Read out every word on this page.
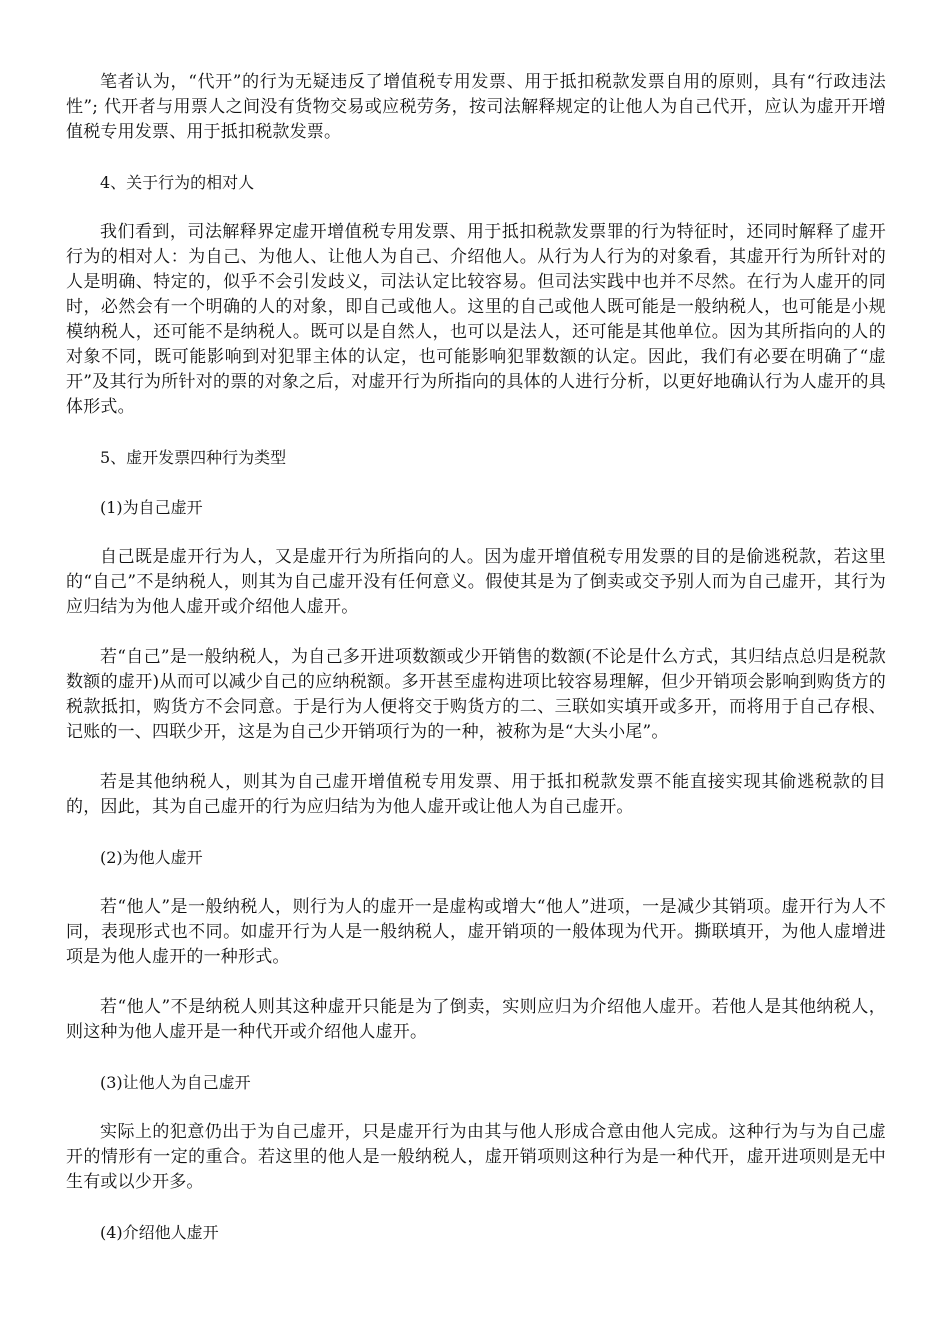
笔者认为，“代开”的行为无疑违反了增值税专用发票、用于抵扣税款发票自用的原则，具有“行政违法性”; 代开者与用票人之间没有货物交易或应税劳务，按司法解释规定的让他人为自己代开，应认为虚开开增值税专用发票、用于抵扣税款发票。

4、关于行为的相对人

我们看到，司法解释界定虚开增值税专用发票、用于抵扣税款发票罪的行为特征时，还同时解释了虚开行为的相对人：为自己、为他人、让他人为自己、介绍他人。从行为人行为的对象看，其虚开行为所针对的人是明确、特定的，似乎不会引发歧义，司法认定比较容易。但司法实践中也并不尽然。在行为人虚开的同时，必然会有一个明确的人的对象，即自己或他人。这里的自己或他人既可能是一般纳税人，也可能是小规模纳税人，还可能不是纳税人。既可以是自然人，也可以是法人，还可能是其他单位。因为其所指向的人的对象不同，既可能影响到对犯罪主体的认定，也可能影响犯罪数额的认定。因此，我们有必要在明确了“虚开”及其行为所针对的票的对象之后，对虚开行为所指向的具体的人进行分析，以更好地确认行为人虚开的具体形式。

5、虚开发票四种行为类型

(1)为自己虚开

自己既是虚开行为人，又是虚开行为所指向的人。因为虚开增值税专用发票的目的是偷逃税款，若这里的“自己”不是纳税人，则其为自己虚开没有任何意义。假使其是为了倒卖或交予别人而为自己虚开，其行为应归结为为他人虚开或介绍他人虚开。

若“自己”是一般纳税人，为自己多开进项数额或少开销售的数额(不论是什么方式，其归结点总归是税款数额的虚开)从而可以减少自己的应纳税额。多开甚至虚构进项比较容易理解，但少开销项会影响到购货方的税款抵扣，购货方不会同意。于是行为人便将交于购货方的二、三联如实填开或多开，而将用于自己存根、记账的一、四联少开，这是为自己少开销项行为的一种，被称为是“大头小尾”。

若是其他纳税人，则其为自己虚开增值税专用发票、用于抵扣税款发票不能直接实现其偷逃税款的目的，因此，其为自己虚开的行为应归结为为他人虚开或让他人为自己虚开。

(2)为他人虚开

若“他人”是一般纳税人，则行为人的虚开一是虚构或增大“他人”进项，一是减少其销项。虚开行为人不同，表现形式也不同。如虚开行为人是一般纳税人，虚开销项的一般体现为代开。撕联填开，为他人虚增进项是为他人虚开的一种形式。

若“他人”不是纳税人则其这种虚开只能是为了倒卖，实则应归为介绍他人虚开。若他人是其他纳税人，则这种为他人虚开是一种代开或介绍他人虚开。

(3)让他人为自己虚开

实际上的犯意仍出于为自己虚开，只是虚开行为由其与他人形成合意由他人完成。这种行为与为自己虚开的情形有一定的重合。若这里的他人是一般纳税人，虚开销项则这种行为是一种代开，虚开进项则是无中生有或以少开多。

(4)介绍他人虚开
